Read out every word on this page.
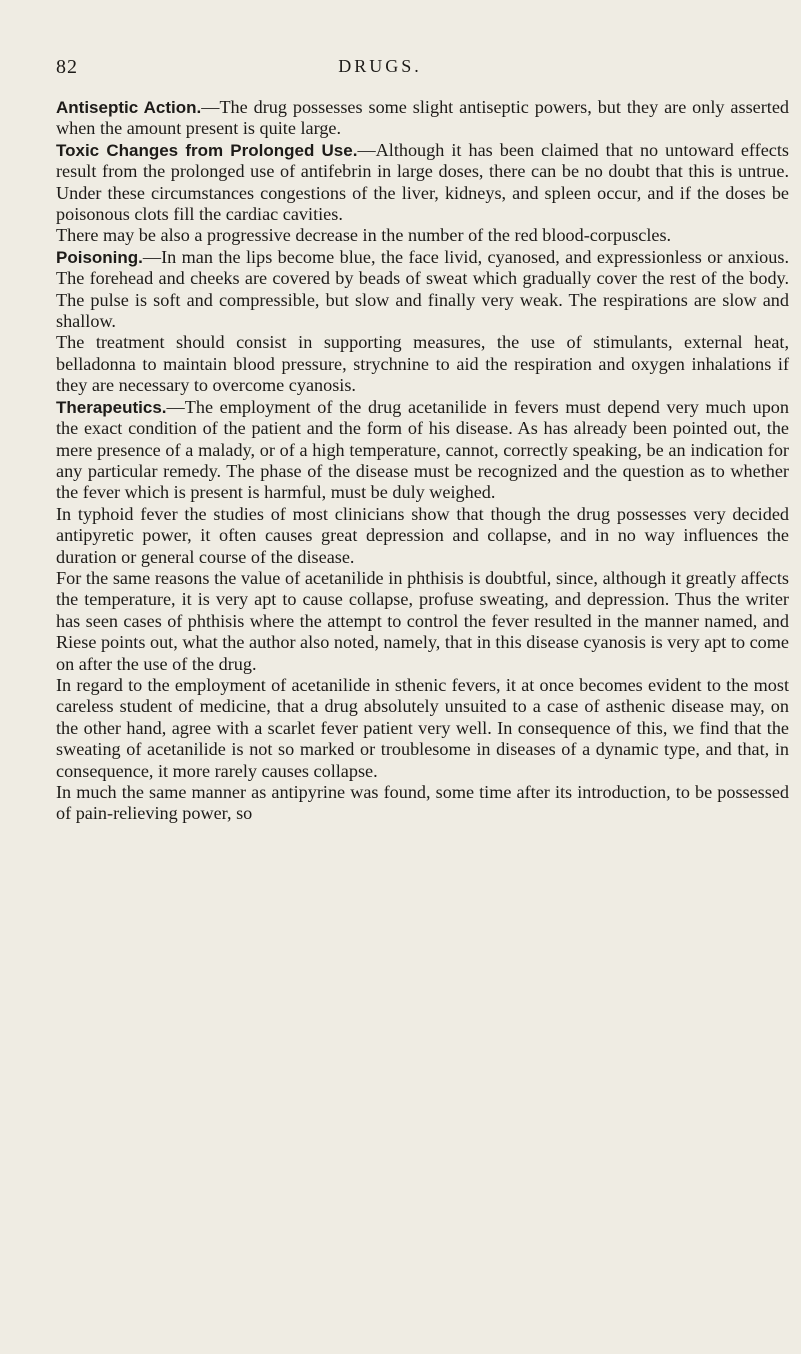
82	DRUGS.

Antiseptic Action.—The drug possesses some slight antiseptic powers, but they are only asserted when the amount present is quite large.

Toxic Changes from Prolonged Use.—Although it has been claimed that no untoward effects result from the prolonged use of antifebrin in large doses, there can be no doubt that this is untrue. Under these circumstances congestions of the liver, kidneys, and spleen occur, and if the doses be poisonous clots fill the cardiac cavities.

There may be also a progressive decrease in the number of the red blood-corpuscles.

Poisoning.—In man the lips become blue, the face livid, cyanosed, and expressionless or anxious. The forehead and cheeks are covered by beads of sweat which gradually cover the rest of the body. The pulse is soft and compressible, but slow and finally very weak. The respirations are slow and shallow.

The treatment should consist in supporting measures, the use of stimulants, external heat, belladonna to maintain blood pressure, strychnine to aid the respiration and oxygen inhalations if they are necessary to overcome cyanosis.

Therapeutics.—The employment of the drug acetanilide in fevers must depend very much upon the exact condition of the patient and the form of his disease. As has already been pointed out, the mere presence of a malady, or of a high temperature, cannot, correctly speaking, be an indication for any particular remedy. The phase of the disease must be recognized and the question as to whether the fever which is present is harmful, must be duly weighed.

In typhoid fever the studies of most clinicians show that though the drug possesses very decided antipyretic power, it often causes great depression and collapse, and in no way influences the duration or general course of the disease.

For the same reasons the value of acetanilide in phthisis is doubtful, since, although it greatly affects the temperature, it is very apt to cause collapse, profuse sweating, and depression. Thus the writer has seen cases of phthisis where the attempt to control the fever resulted in the manner named, and Riese points out, what the author also noted, namely, that in this disease cyanosis is very apt to come on after the use of the drug.

In regard to the employment of acetanilide in sthenic fevers, it at once becomes evident to the most careless student of medicine, that a drug absolutely unsuited to a case of asthenic disease may, on the other hand, agree with a scarlet fever patient very well. In consequence of this, we find that the sweating of acetanilide is not so marked or troublesome in diseases of a dynamic type, and that, in consequence, it more rarely causes collapse.

In much the same manner as antipyrine was found, some time after its introduction, to be possessed of pain-relieving power, so
